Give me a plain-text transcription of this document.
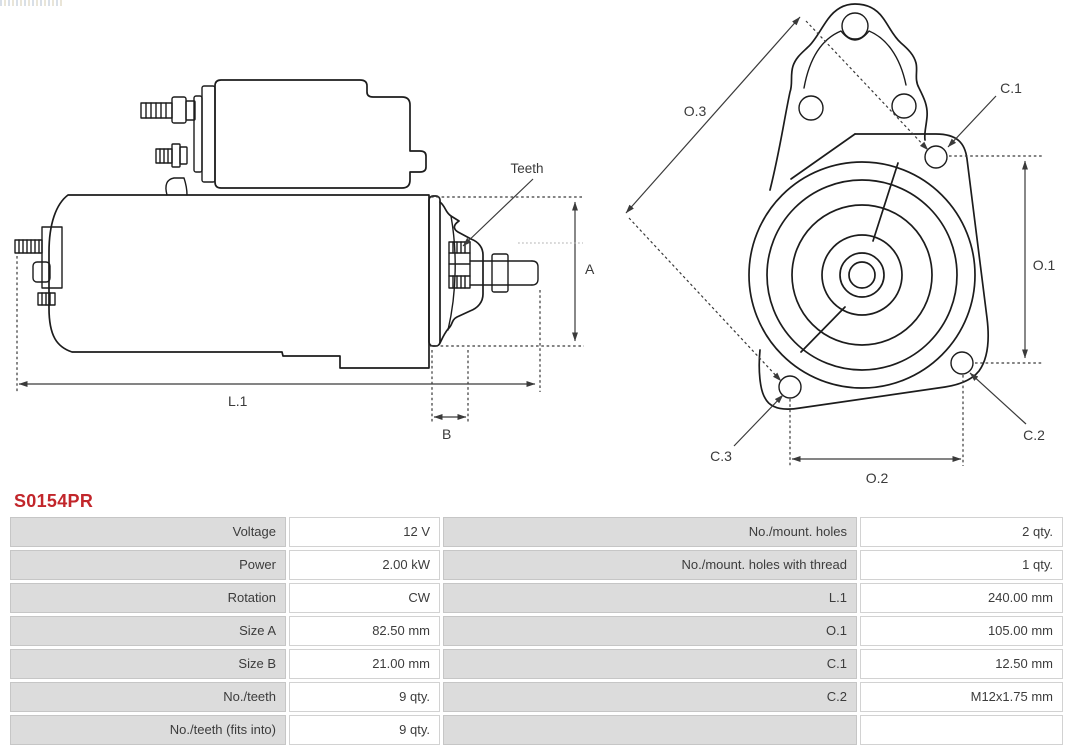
A
L.1
B
Teeth
O.3
C.1
O.1
C.2
C.3
O.2
S0154PR
Voltage	12 V	No./mount. holes	2 qty.
Power	2.00 kW	No./mount. holes with thread	1 qty.
Rotation	CW	L.1	240.00 mm
Size A	82.50 mm	O.1	105.00 mm
Size B	21.00 mm	C.1	12.50 mm
No./teeth	9 qty.	C.2	M12x1.75 mm
No./teeth (fits into)	9 qty.
